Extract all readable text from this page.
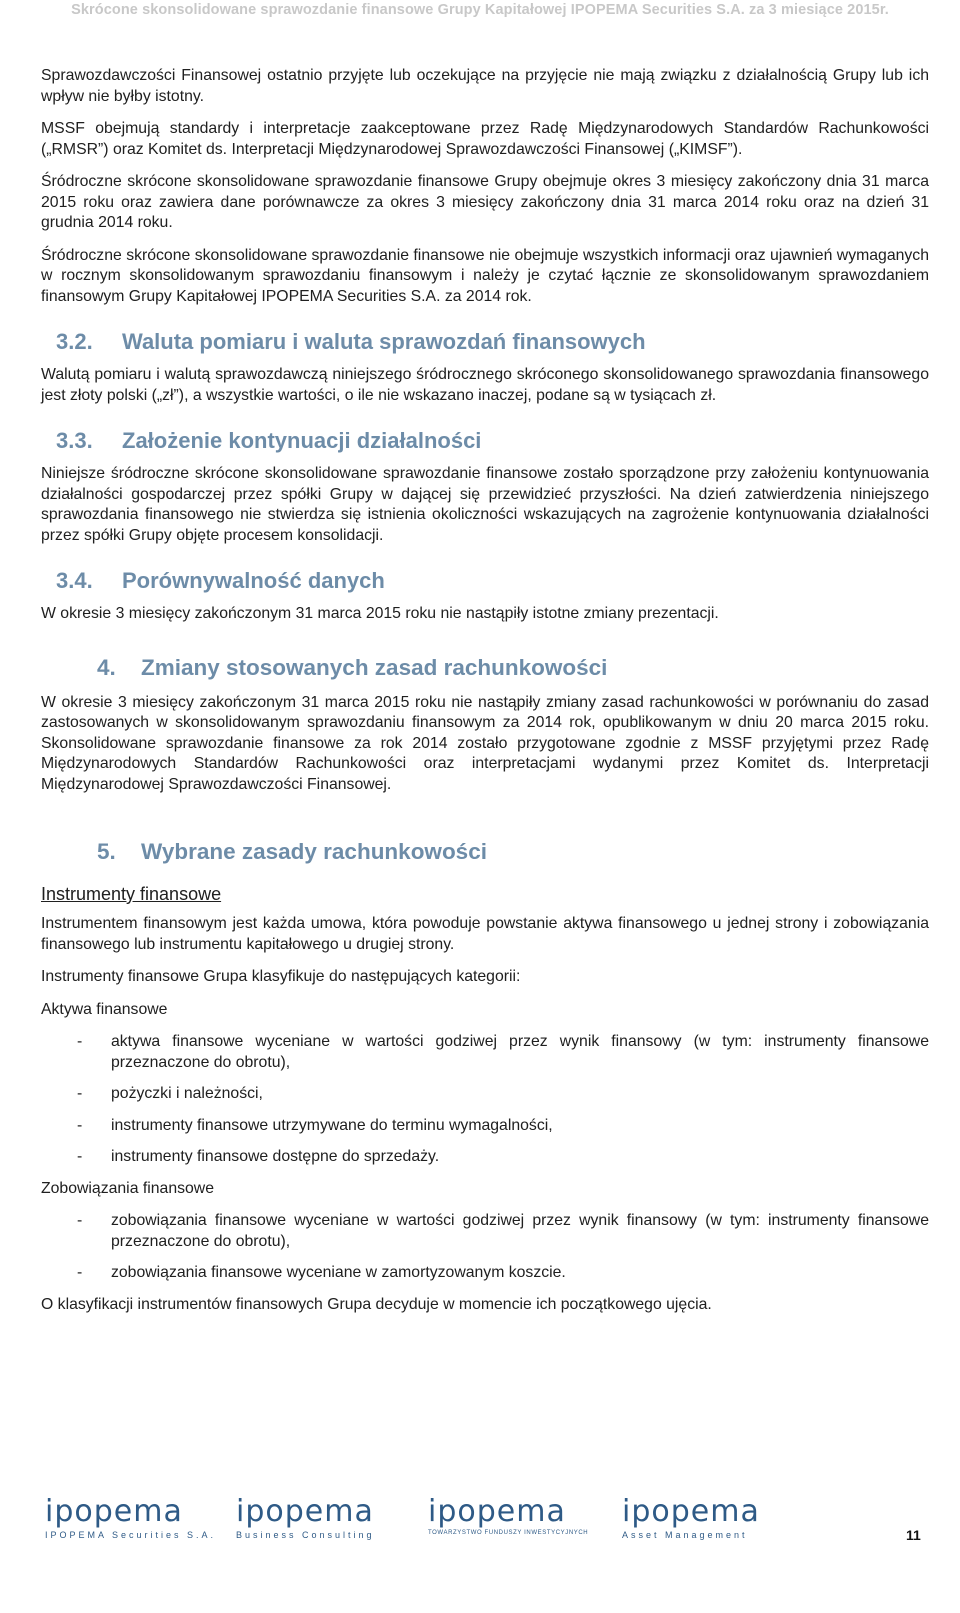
Skrócone skonsolidowane sprawozdanie finansowe Grupy Kapitałowej IPOPEMA Securities S.A. za 3 miesiące 2015r.

Sprawozdawczości Finansowej ostatnio przyjęte lub oczekujące na przyjęcie nie mają związku z działalnością Grupy lub ich wpływ nie byłby istotny.

MSSF obejmują standardy i interpretacje zaakceptowane przez Radę Międzynarodowych Standardów Rachunkowości („RMSR”) oraz Komitet ds. Interpretacji Międzynarodowej Sprawozdawczości Finansowej („KIMSF”).

Śródroczne skrócone skonsolidowane sprawozdanie finansowe Grupy obejmuje okres 3 miesięcy zakończony dnia 31 marca 2015 roku oraz zawiera dane porównawcze za okres 3 miesięcy zakończony dnia 31 marca 2014 roku oraz na dzień 31 grudnia 2014 roku.

Śródroczne skrócone skonsolidowane sprawozdanie finansowe nie obejmuje wszystkich informacji oraz ujawnień wymaganych w rocznym skonsolidowanym sprawozdaniu finansowym i należy je czytać łącznie ze skonsolidowanym sprawozdaniem finansowym Grupy Kapitałowej IPOPEMA Securities S.A. za 2014 rok.

3.2. Waluta pomiaru i waluta sprawozdań finansowych

Walutą pomiaru i walutą sprawozdawczą niniejszego śródrocznego skróconego skonsolidowanego sprawozdania finansowego jest złoty polski („zł”), a wszystkie wartości, o ile nie wskazano inaczej, podane są w tysiącach zł.

3.3. Założenie kontynuacji działalności

Niniejsze śródroczne skrócone skonsolidowane sprawozdanie finansowe zostało sporządzone przy założeniu kontynuowania działalności gospodarczej przez spółki Grupy w dającej się przewidzieć przyszłości. Na dzień zatwierdzenia niniejszego sprawozdania finansowego nie stwierdza się istnienia okoliczności wskazujących na zagrożenie kontynuowania działalności przez spółki Grupy objęte procesem konsolidacji.

3.4. Porównywalność danych

W okresie 3 miesięcy zakończonym 31 marca 2015 roku nie nastąpiły istotne zmiany prezentacji.

4. Zmiany stosowanych zasad rachunkowości

W okresie 3 miesięcy zakończonym 31 marca 2015 roku nie nastąpiły zmiany zasad rachunkowości w porównaniu do zasad zastosowanych w skonsolidowanym sprawozdaniu finansowym za 2014 rok, opublikowanym w dniu 20 marca 2015 roku. Skonsolidowane sprawozdanie finansowe za rok 2014 zostało przygotowane zgodnie z MSSF przyjętymi przez Radę Międzynarodowych Standardów Rachunkowości oraz interpretacjami wydanymi przez Komitet ds. Interpretacji Międzynarodowej Sprawozdawczości Finansowej.

5. Wybrane zasady rachunkowości
Instrumenty finansowe

Instrumentem finansowym jest każda umowa, która powoduje powstanie aktywa finansowego u jednej strony i zobowiązania finansowego lub instrumentu kapitałowego u drugiej strony.

Instrumenty finansowe Grupa klasyfikuje do następujących kategorii:

Aktywa finansowe

- aktywa finansowe wyceniane w wartości godziwej przez wynik finansowy (w tym: instrumenty finansowe przeznaczone do obrotu),
- pożyczki i należności,
- instrumenty finansowe utrzymywane do terminu wymagalności,
- instrumenty finansowe dostępne do sprzedaży.

Zobowiązania finansowe

- zobowiązania finansowe wyceniane w wartości godziwej przez wynik finansowy (w tym: instrumenty finansowe przeznaczone do obrotu),
- zobowiązania finansowe wyceniane w zamortyzowanym koszcie.

O klasyfikacji instrumentów finansowych Grupa decyduje w momencie ich początkowego ujęcia.

ipopema
IPOPEMA Securities S.A.
ipopema
Business Consulting
ipopema
TOWARZYSTWO FUNDUSZY INWESTYCYJNYCH
ipopema
Asset Management	11
